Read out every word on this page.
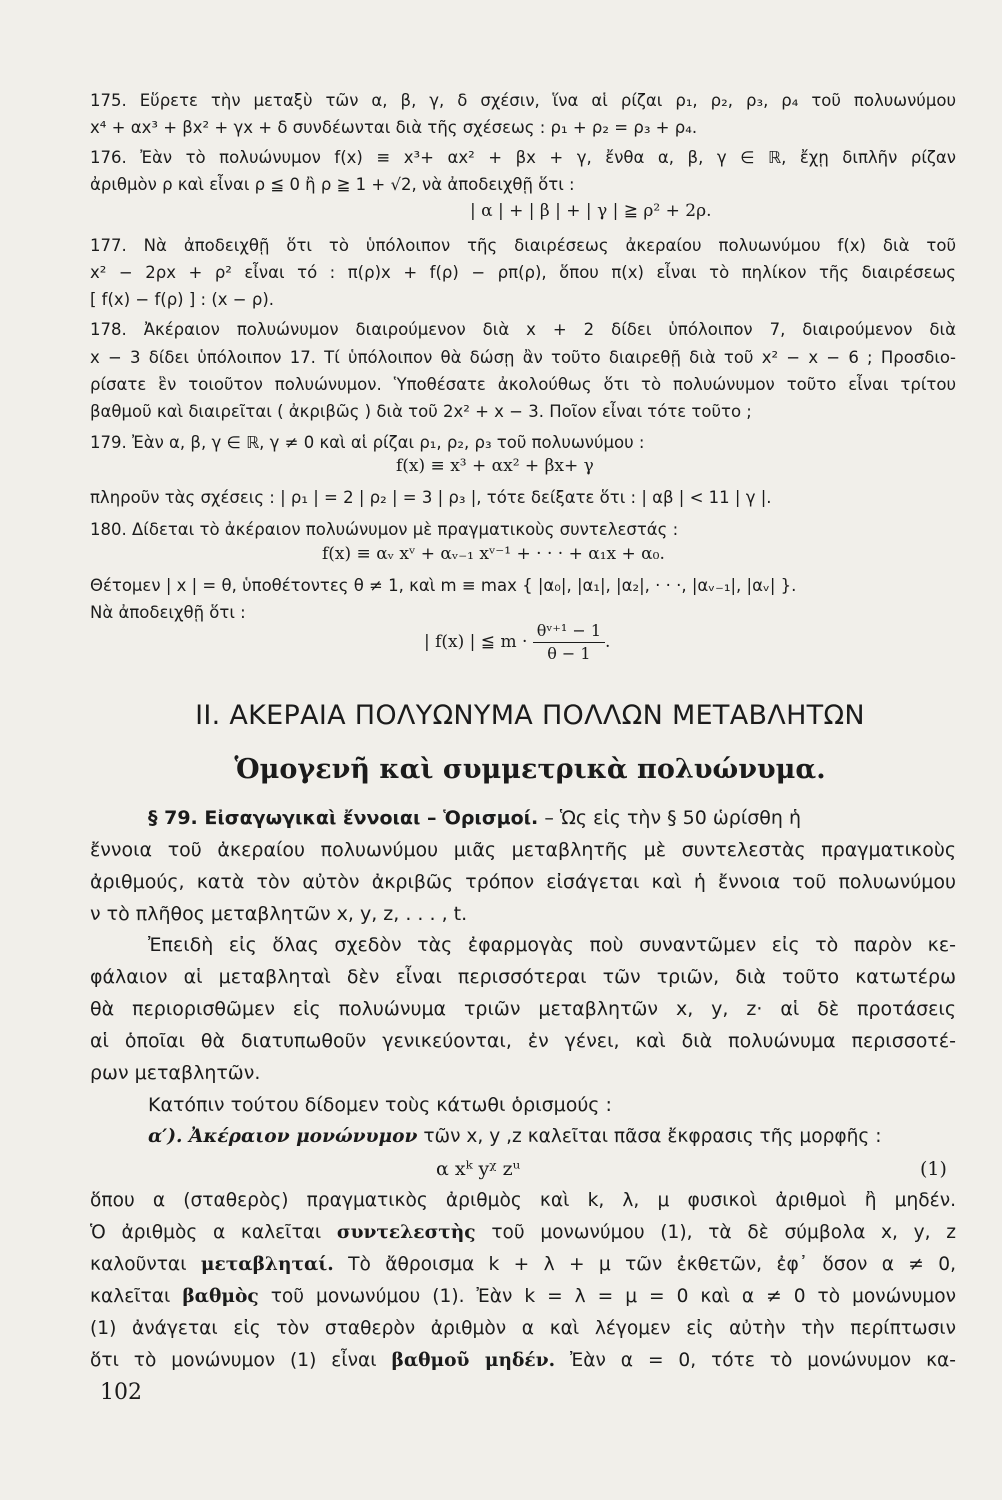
175. Εὕρετε τὴν μεταξὺ τῶν α, β, γ, δ σχέσιν, ἵνα αἱ ρίζαι ρ₁, ρ₂, ρ₃, ρ₄ τοῦ πολυωνύμου
x⁴ + αx³ + βx² + γx + δ συνδέωνται διὰ τῆς σχέσεως : ρ₁ + ρ₂ = ρ₃ + ρ₄.
176. Ἐὰν τὸ πολυώνυμον f(x) ≡ x³+ αx² + βx + γ, ἔνθα α, β, γ ∈ ℝ, ἔχῃ διπλῆν ρίζαν
ἀριθμὸν ρ καὶ εἶναι ρ ≦ 0 ἢ ρ ≧ 1 + √2, νὰ ἀποδειχθῇ ὅτι :
| α | + | β | + | γ | ≧ ρ² + 2ρ.
177. Νὰ ἀποδειχθῇ ὅτι τὸ ὑπόλοιπον τῆς διαιρέσεως ἀκεραίου πολυωνύμου f(x) διὰ τοῦ
x² − 2ρx + ρ² εἶναι τό : π(ρ)x + f(ρ) − ρπ(ρ), ὅπου π(x) εἶναι τὸ πηλίκον τῆς διαιρέσεως
[ f(x) − f(ρ) ] : (x − ρ).
178. Ἀκέραιον πολυώνυμον διαιρούμενον διὰ x + 2 δίδει ὑπόλοιπον 7, διαιρούμενον διὰ
x − 3 δίδει ὑπόλοιπον 17. Τί ὑπόλοιπον θὰ δώσῃ ἂν τοῦτο διαιρεθῇ διὰ τοῦ x² − x − 6 ; Προσδιο-
ρίσατε ἓν τοιοῦτον πολυώνυμον. Ὑποθέσατε ἀκολούθως ὅτι τὸ πολυώνυμον τοῦτο εἶναι τρίτου
βαθμοῦ καὶ διαιρεῖται ( ἀκριβῶς ) διὰ τοῦ 2x² + x − 3. Ποῖον εἶναι τότε τοῦτο ;
179. Ἐὰν α, β, γ ∈ ℝ, γ ≠ 0 καὶ αἱ ρίζαι ρ₁, ρ₂, ρ₃ τοῦ πολυωνύμου :
f(x) ≡ x³ + αx² + βx+ γ
πληροῦν τὰς σχέσεις : | ρ₁ | = 2 | ρ₂ | = 3 | ρ₃ |, τότε δείξατε ὅτι : | αβ | < 11 | γ |.
180. Δίδεται τὸ ἀκέραιον πολυώνυμον μὲ πραγματικοὺς συντελεστάς :
f(x) ≡ αᵥ xᵛ + αᵥ₋₁ xᵛ⁻¹ + · · · + α₁x + α₀.
Θέτομεν | x | = θ, ὑποθέτοντες θ ≠ 1, καὶ m ≡ max { |α₀|, |α₁|, |α₂|, · · ·, |αᵥ₋₁|, |αᵥ| }.
Νὰ ἀποδειχθῇ ὅτι :
| f(x) | ≦ $m \cdot \frac{\text{θᵛ⁺¹ − 1}}{\theta - 1}$ .
II. ΑΚΕΡΑΙΑ ΠΟΛΥΩΝΥΜΑ ΠΟΛΛΩΝ ΜΕΤΑΒΛΗΤΩΝ
Ὁμογενῆ καὶ συμμετρικὰ πολυώνυμα.
§ 79. Εἰσαγωγικαὶ ἔννοιαι – Ὁρισμοί. – Ὡς εἰς τὴν § 50 ὡρίσθη ἡ
ἔννοια τοῦ ἀκεραίου πολυωνύμου μιᾶς μεταβλητῆς μὲ συντελεστὰς πραγματικοὺς
ἀριθμούς, κατὰ τὸν αὐτὸν ἀκριβῶς τρόπον εἰσάγεται καὶ ἡ ἔννοια τοῦ πολυωνύμου
ν τὸ πλῆθος μεταβλητῶν x, y, z, . . . , t.
Ἐπειδὴ εἰς ὅλας σχεδὸν τὰς ἐφαρμογὰς ποὺ συναντῶμεν εἰς τὸ παρὸν κε-
φάλαιον αἱ μεταβληταὶ δὲν εἶναι περισσότεραι τῶν τριῶν, διὰ τοῦτο κατωτέρω
θὰ περιορισθῶμεν εἰς πολυώνυμα τριῶν μεταβλητῶν x, y, z· αἱ δὲ προτάσεις
αἱ ὁποῖαι θὰ διατυπωθοῦν γενικεύονται, ἐν γένει, καὶ διὰ πολυώνυμα περισσοτέ-
ρων μεταβλητῶν.
Κατόπιν τούτου δίδομεν τοὺς κάτωθι ὁρισμούς :
α′). Ἀκέραιον μονώνυμον τῶν x, y ,z καλεῖται πᾶσα ἔκφρασις τῆς μορφῆς :
α xᵏ yᵡ zᵘ	(1)
ὅπου α (σταθερὸς) πραγματικὸς ἀριθμὸς καὶ k, λ, μ φυσικοὶ ἀριθμοὶ ἢ μηδέν.
Ὁ ἀριθμὸς α καλεῖται συντελεστὴς τοῦ μονωνύμου (1), τὰ δὲ σύμβολα x, y, z
καλοῦνται μεταβληταί. Τὸ ἄθροισμα k + λ + μ τῶν ἐκθετῶν, ἐφ᾽ ὅσον α ≠ 0,
καλεῖται βαθμὸς τοῦ μονωνύμου (1). Ἐὰν k = λ = μ = 0 καὶ α ≠ 0 τὸ μονώνυμον
(1) ἀνάγεται εἰς τὸν σταθερὸν ἀριθμὸν α καὶ λέγομεν εἰς αὐτὴν τὴν περίπτωσιν
ὅτι τὸ μονώνυμον (1) εἶναι βαθμοῦ μηδέν. Ἐὰν α = 0, τότε τὸ μονώνυμον κα-
102
